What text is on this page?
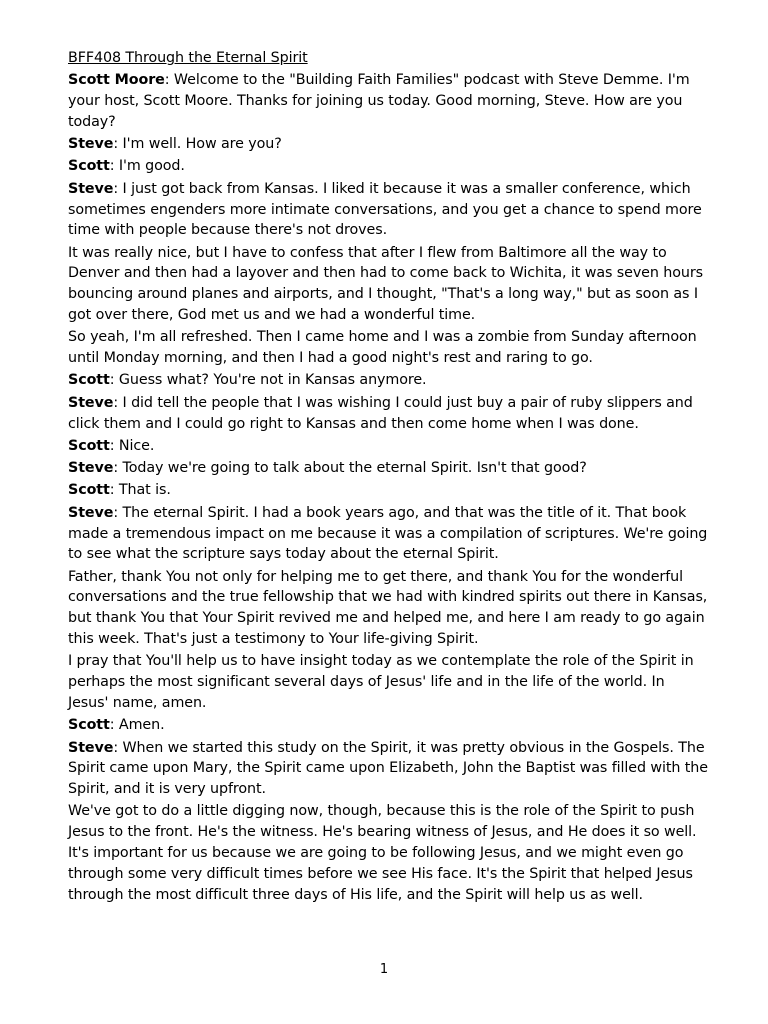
BFF408 Through the Eternal Spirit
Scott Moore: Welcome to the "Building Faith Families" podcast with Steve Demme. I'm your host, Scott Moore. Thanks for joining us today. Good morning, Steve. How are you today?
Steve: I'm well. How are you?
Scott: I'm good.
Steve: I just got back from Kansas. I liked it because it was a smaller conference, which sometimes engenders more intimate conversations, and you get a chance to spend more time with people because there's not droves.
It was really nice, but I have to confess that after I flew from Baltimore all the way to Denver and then had a layover and then had to come back to Wichita, it was seven hours bouncing around planes and airports, and I thought, "That's a long way," but as soon as I got over there, God met us and we had a wonderful time.
So yeah, I'm all refreshed. Then I came home and I was a zombie from Sunday afternoon until Monday morning, and then I had a good night's rest and raring to go.
Scott: Guess what? You're not in Kansas anymore.
Steve: I did tell the people that I was wishing I could just buy a pair of ruby slippers and click them and I could go right to Kansas and then come home when I was done.
Scott: Nice.
Steve: Today we're going to talk about the eternal Spirit. Isn't that good?
Scott: That is.
Steve: The eternal Spirit. I had a book years ago, and that was the title of it. That book made a tremendous impact on me because it was a compilation of scriptures. We're going to see what the scripture says today about the eternal Spirit.
Father, thank You not only for helping me to get there, and thank You for the wonderful conversations and the true fellowship that we had with kindred spirits out there in Kansas, but thank You that Your Spirit revived me and helped me, and here I am ready to go again this week. That's just a testimony to Your life-giving Spirit.
I pray that You'll help us to have insight today as we contemplate the role of the Spirit in perhaps the most significant several days of Jesus' life and in the life of the world. In Jesus' name, amen.
Scott: Amen.
Steve: When we started this study on the Spirit, it was pretty obvious in the Gospels. The Spirit came upon Mary, the Spirit came upon Elizabeth, John the Baptist was filled with the Spirit, and it is very upfront.
We've got to do a little digging now, though, because this is the role of the Spirit to push Jesus to the front. He's the witness. He's bearing witness of Jesus, and He does it so well. It's important for us because we are going to be following Jesus, and we might even go through some very difficult times before we see His face. It's the Spirit that helped Jesus through the most difficult three days of His life, and the Spirit will help us as well.
1
